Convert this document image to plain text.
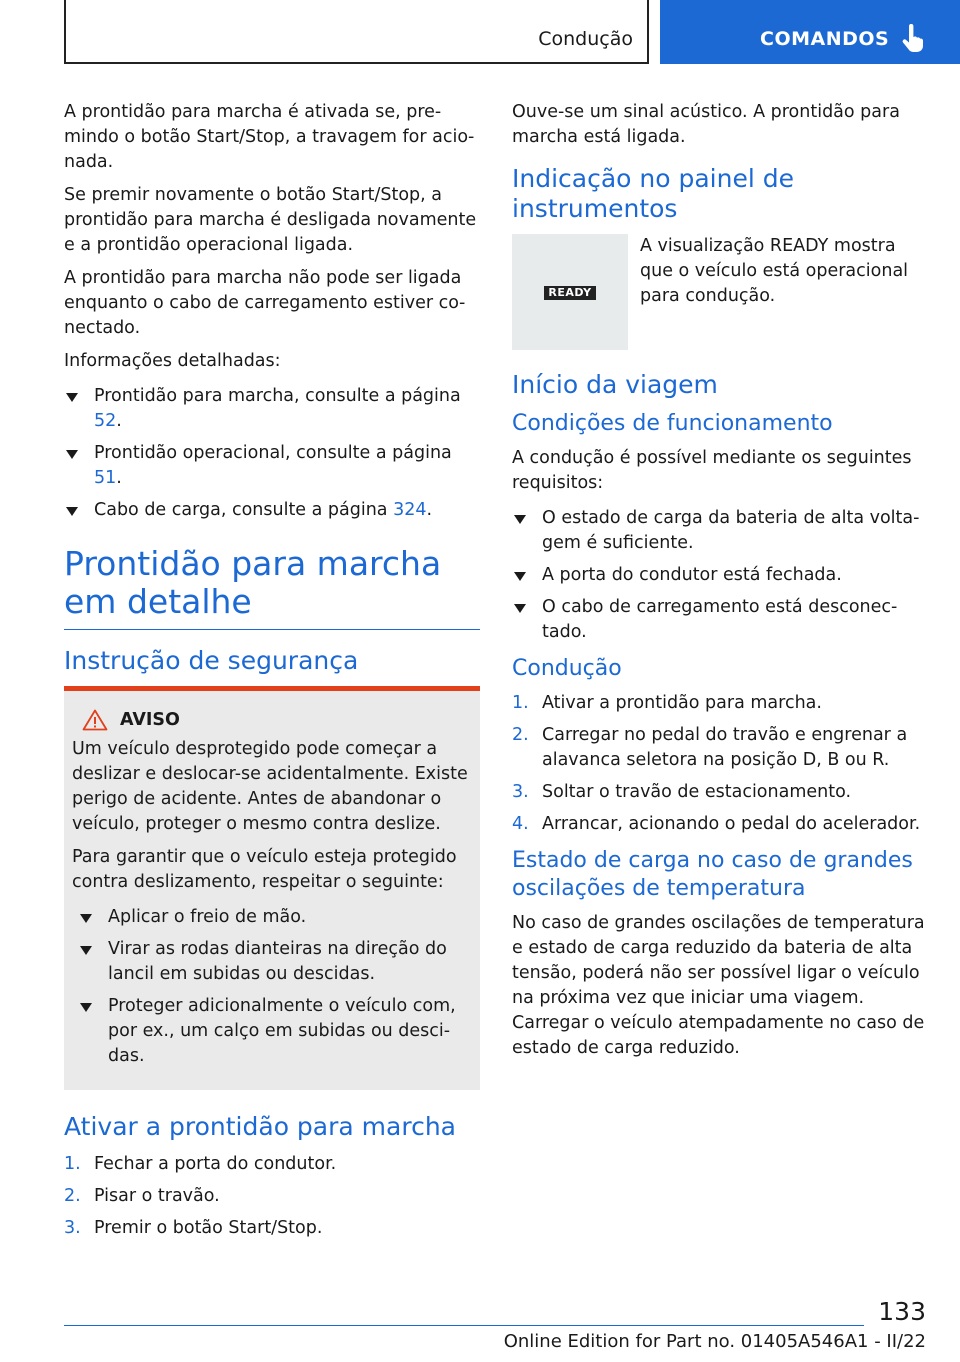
Condução	COMANDOS

A prontidão para marcha é ativada se, premindo o botão Start/Stop, a travagem for acionada.

Se premir novamente o botão Start/Stop, a prontidão para marcha é desligada novamente e a prontidão operacional ligada.

A prontidão para marcha não pode ser ligada enquanto o cabo de carregamento estiver conectado.

Informações detalhadas:

Prontidão para marcha, consulte a página 52.
Prontidão operacional, consulte a página 51.
Cabo de carga, consulte a página 324.
Prontidão para marcha em detalhe
Instrução de segurança
AVISO

Um veículo desprotegido pode começar a deslizar e deslocar-se acidentalmente. Existe perigo de acidente. Antes de abandonar o veículo, proteger o mesmo contra deslize.

Para garantir que o veículo esteja protegido contra deslizamento, respeitar o seguinte:

Aplicar o freio de mão.
Virar as rodas dianteiras na direção do lancil em subidas ou descidas.
Proteger adicionalmente o veículo com, por ex., um calço em subidas ou descidas.
Ativar a prontidão para marcha
1. Fechar a porta do condutor.
2. Pisar o travão.
3. Premir o botão Start/Stop.

Ouve-se um sinal acústico. A prontidão para marcha está ligada.

Indicação no painel de instrumentos
READY
A visualização READY mostra que o veículo está operacional para condução.
Início da viagem
Condições de funcionamento

A condução é possível mediante os seguintes requisitos:

O estado de carga da bateria de alta voltagem é suficiente.
A porta do condutor está fechada.
O cabo de carregamento está desconectado.
Condução
1. Ativar a prontidão para marcha.
2. Carregar no pedal do travão e engrenar a alavanca seletora na posição D, B ou R.
3. Soltar o travão de estacionamento.
4. Arrancar, acionando o pedal do acelerador.
Estado de carga no caso de grandes oscilações de temperatura

No caso de grandes oscilações de temperatura e estado de carga reduzido da bateria de alta tensão, poderá não ser possível ligar o veículo na próxima vez que iniciar uma viagem. Carregar o veículo atempadamente no caso de estado de carga reduzido.

133
Online Edition for Part no. 01405A546A1 - II/22
